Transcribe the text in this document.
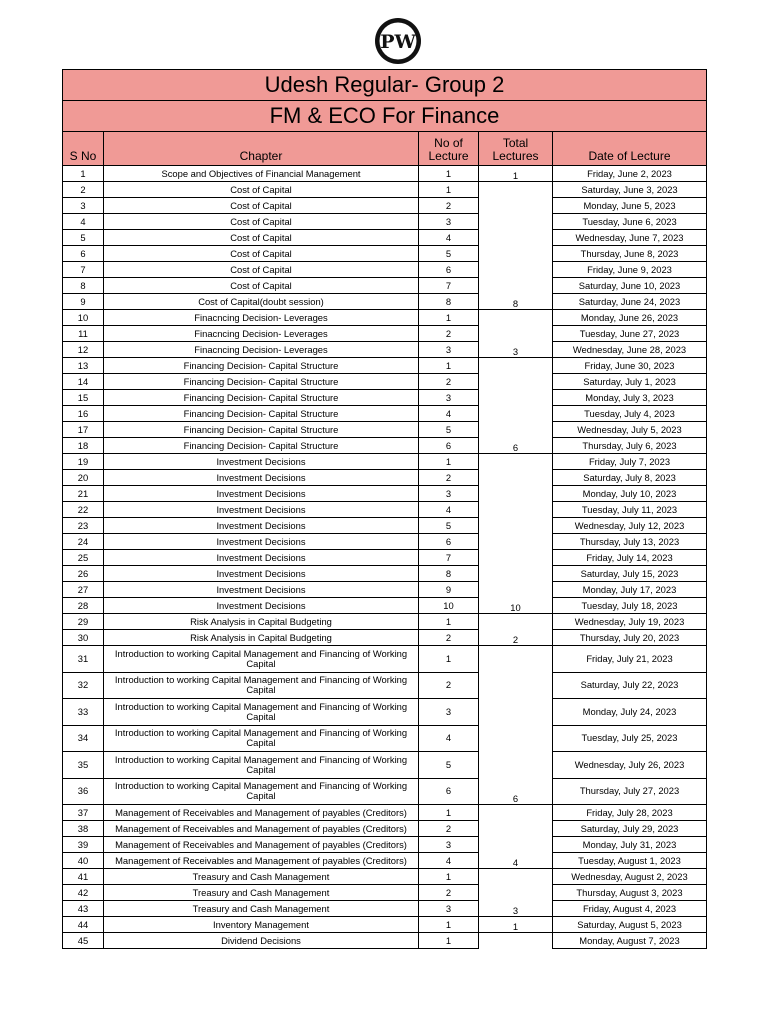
PW
Udesh Regular- Group 2				
FM & ECO For Finance				
S No	Chapter	No of Lecture	Total Lectures	Date of Lecture
1	Scope and Objectives of Financial Management	1	1	Friday, June 2, 2023
2	Cost of Capital	1		Saturday, June 3, 2023
3	Cost of Capital	2		Monday, June 5, 2023
4	Cost of Capital	3		Tuesday, June 6, 2023
5	Cost of Capital	4		Wednesday, June 7, 2023
6	Cost of Capital	5		Thursday, June 8, 2023
7	Cost of Capital	6		Friday, June 9, 2023
8	Cost of Capital	7		Saturday, June 10, 2023
9	Cost of Capital(doubt session)	8	8	Saturday, June 24, 2023
10	Finacncing Decision- Leverages	1		Monday, June 26, 2023
11	Finacncing Decision- Leverages	2		Tuesday, June 27, 2023
12	Finacncing Decision- Leverages	3	3	Wednesday, June 28, 2023
13	Financing Decision- Capital Structure	1		Friday, June 30, 2023
14	Financing Decision- Capital Structure	2		Saturday, July 1, 2023
15	Financing Decision- Capital Structure	3		Monday, July 3, 2023
16	Financing Decision- Capital Structure	4		Tuesday, July 4, 2023
17	Financing Decision- Capital Structure	5		Wednesday, July 5, 2023
18	Financing Decision- Capital Structure	6	6	Thursday, July 6, 2023
19	Investment Decisions	1		Friday, July 7, 2023
20	Investment Decisions	2		Saturday, July 8, 2023
21	Investment Decisions	3		Monday, July 10, 2023
22	Investment Decisions	4		Tuesday, July 11, 2023
23	Investment Decisions	5		Wednesday, July 12, 2023
24	Investment Decisions	6		Thursday, July 13, 2023
25	Investment Decisions	7		Friday, July 14, 2023
26	Investment Decisions	8		Saturday, July 15, 2023
27	Investment Decisions	9		Monday, July 17, 2023
28	Investment Decisions	10	10	Tuesday, July 18, 2023
29	Risk Analysis in Capital Budgeting	1		Wednesday, July 19, 2023
30	Risk Analysis in Capital Budgeting	2	2	Thursday, July 20, 2023
31	Introduction to working Capital Management and Financing of Working Capital	1		Friday, July 21, 2023
32	Introduction to working Capital Management and Financing of Working Capital	2		Saturday, July 22, 2023
33	Introduction to working Capital Management and Financing of Working Capital	3		Monday, July 24, 2023
34	Introduction to working Capital Management and Financing of Working Capital	4		Tuesday, July 25, 2023
35	Introduction to working Capital Management and Financing of Working Capital	5		Wednesday, July 26, 2023
36	Introduction to working Capital Management and Financing of Working Capital	6	6	Thursday, July 27, 2023
37	Management of Receivables and Management of payables (Creditors)	1		Friday, July 28, 2023
38	Management of Receivables and Management of payables (Creditors)	2		Saturday, July 29, 2023
39	Management of Receivables and Management of payables (Creditors)	3		Monday, July 31, 2023
40	Management of Receivables and Management of payables (Creditors)	4	4	Tuesday, August 1, 2023
41	Treasury and Cash Management	1		Wednesday, August 2, 2023
42	Treasury and Cash Management	2		Thursday, August 3, 2023
43	Treasury and Cash Management	3	3	Friday, August 4, 2023
44	Inventory Management	1	1	Saturday, August 5, 2023
45	Dividend Decisions	1		Monday, August 7, 2023
